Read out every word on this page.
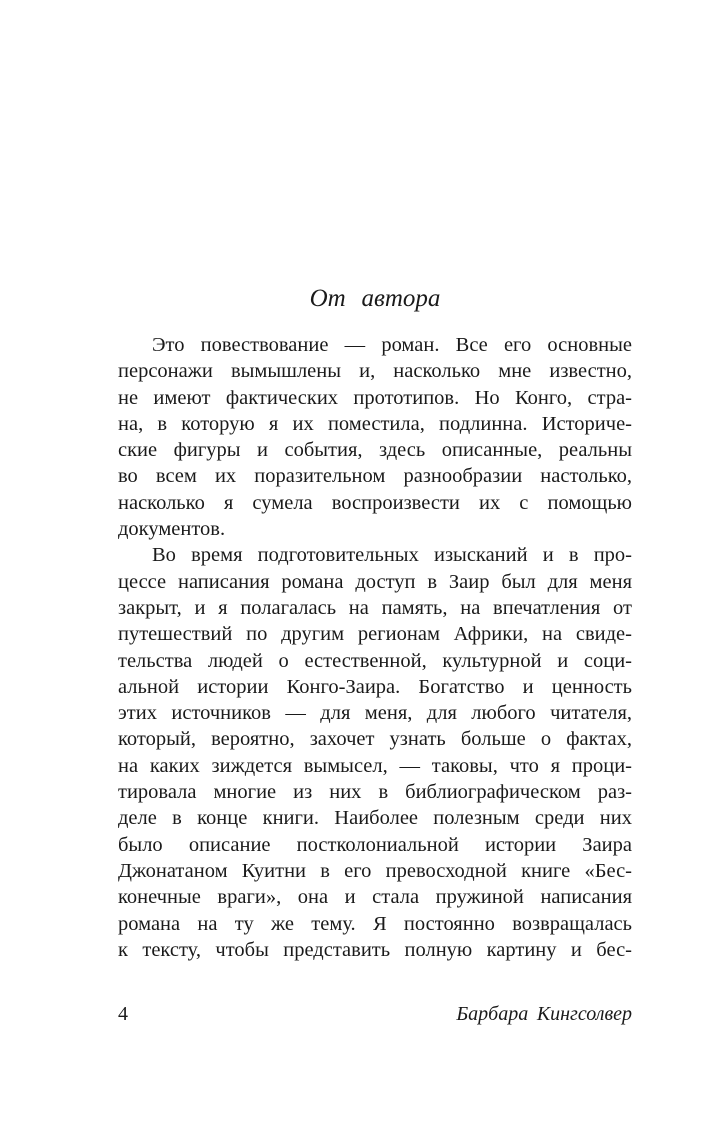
От автора
Это повествование — роман. Все его основные
персонажи вымышлены и, насколько мне известно,
не имеют фактических прототипов. Но Конго, стра-
на, в которую я их поместила, подлинна. Историче-
ские фигуры и события, здесь описанные, реальны
во всем их поразительном разнообразии настолько,
насколько я сумела воспроизвести их с помощью
документов.
Во время подготовительных изысканий и в про-
цессе написания романа доступ в Заир был для меня
закрыт, и я полагалась на память, на впечатления от
путешествий по другим регионам Африки, на свиде-
тельства людей о естественной, культурной и соци-
альной истории Конго-Заира. Богатство и ценность
этих источников — для меня, для любого читателя,
который, вероятно, захочет узнать больше о фактах,
на каких зиждется вымысел, — таковы, что я проци-
тировала многие из них в библиографическом раз-
деле в конце книги. Наиболее полезным среди них
было описание постколониальной истории Заира
Джонатаном Куитни в его превосходной книге «Бес-
конечные враги», она и стала пружиной написания
романа на ту же тему. Я постоянно возвращалась
к тексту, чтобы представить полную картину и бес-
4	Барбара Кингсолвер
